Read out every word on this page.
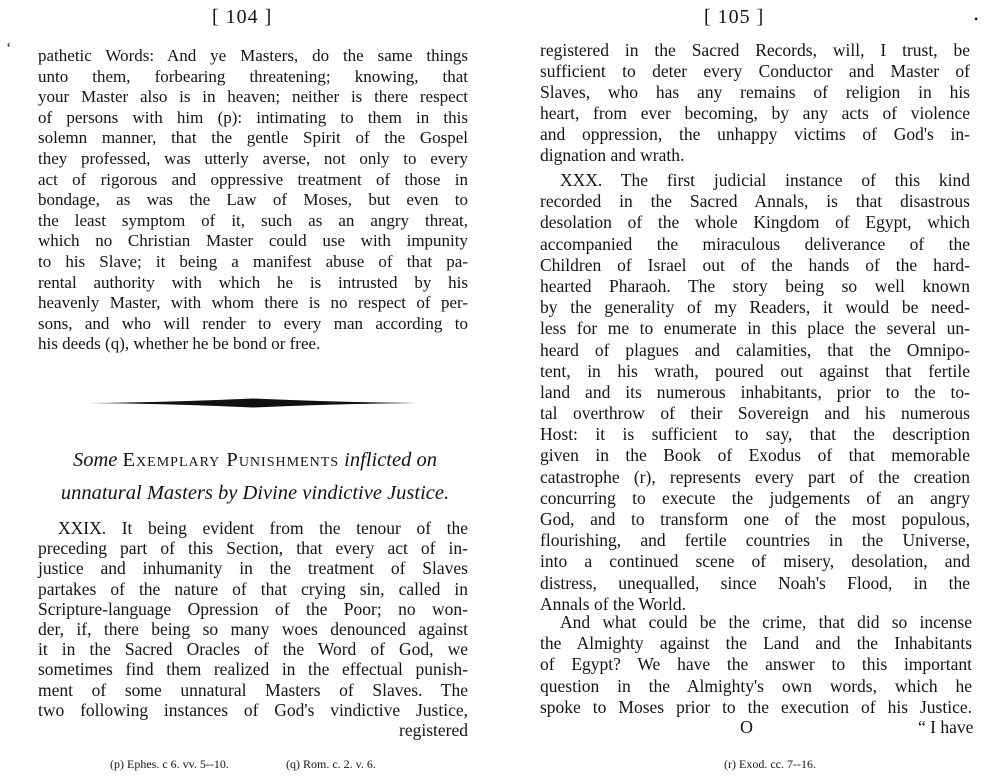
[ 104 ]
‘ pathetic Words: And ye Masters, do the same things
unto them, forbearing threatening; knowing, that
your Master also is in heaven; neither is there respect
of persons with him (p): intimating to them in this
solemn manner, that the gentle Spirit of the Gospel
they professed, was utterly averse, not only to every
act of rigorous and oppressive treatment of those in
bondage, as was the Law of Moses, but even to
the least symptom of it, such as an angry threat,
which no Christian Master could use with impunity
to his Slave; it being a manifest abuse of that pa-
rental authority with which he is intrusted by his
heavenly Master, with whom there is no respect of per-
sons, and who will render to every man according to
his deeds (q), whether he be bond or free.
Some Exemplary Punishments inflicted on
unnatural Masters by Divine vindictive Justice.
XXIX. It being evident from the tenour of the
preceding part of this Section, that every act of in-
justice and inhumanity in the treatment of Slaves
partakes of the nature of that crying sin, called in
Scripture-language Opression of the Poor; no won-
der, if, there being so many woes denounced against
it in the Sacred Oracles of the Word of God, we
sometimes find them realized in the effectual punish-
ment of some unnatural Masters of Slaves. The
two following instances of God's vindictive Justice,
registered
(p) Ephes. c 6. vv. 5--10.	(q) Rom. c. 2. v. 6.
[ 105 ]	•
registered in the Sacred Records, will, I trust, be
sufficient to deter every Conductor and Master of
Slaves, who has any remains of religion in his
heart, from ever becoming, by any acts of violence
and oppression, the unhappy victims of God's in-
dignation and wrath.
XXX. The first judicial instance of this kind
recorded in the Sacred Annals, is that disastrous
desolation of the whole Kingdom of Egypt, which
accompanied the miraculous deliverance of the
Children of Israel out of the hands of the hard-
hearted Pharaoh. The story being so well known
by the generality of my Readers, it would be need-
less for me to enumerate in this place the several un-
heard of plagues and calamities, that the Omnipo-
tent, in his wrath, poured out against that fertile
land and its numerous inhabitants, prior to the to-
tal overthrow of their Sovereign and his numerous
Host: it is sufficient to say, that the description
given in the Book of Exodus of that memorable
catastrophe (r), represents every part of the creation
concurring to execute the judgements of an angry
God, and to transform one of the most populous,
flourishing, and fertile countries in the Universe,
into a continued scene of misery, desolation, and
distress, unequalled, since Noah's Flood, in the
Annals of the World.
And what could be the crime, that did so incense
the Almighty against the Land and the Inhabitants
of Egypt? We have the answer to this important
question in the Almighty's own words, which he
spoke to Moses prior to the execution of his Justice.
O	“ I have
(r) Exod. cc. 7--16.
